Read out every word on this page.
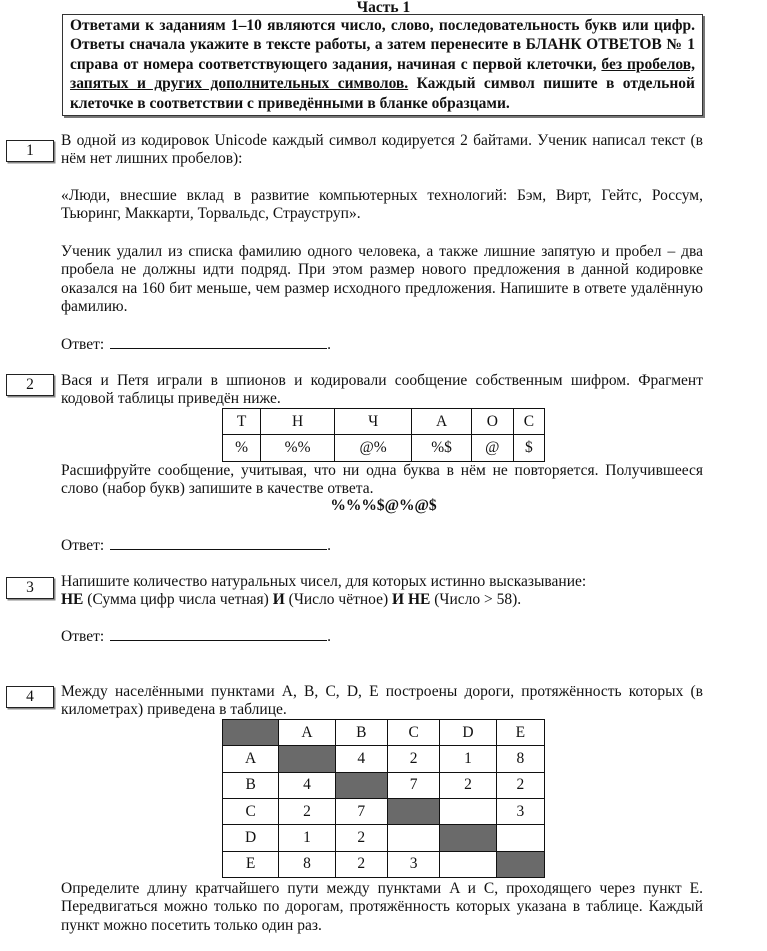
Часть 1
Ответами к заданиям 1–10 являются число, слово, последовательность букв или цифр. Ответы сначала укажите в тексте работы, а затем перенесите в БЛАНК ОТВЕТОВ № 1 справа от номера соответствующего задания, начиная с первой клеточки, без пробелов, запятых и других дополнительных символов. Каждый символ пишите в отдельной клеточке в соответствии с приведёнными в бланке образцами.
1
В одной из кодировок Unicode каждый символ кодируется 2 байтами. Ученик написал текст (в нём нет лишних пробелов):
«Люди, внесшие вклад в развитие компьютерных технологий: Бэм, Вирт, Гейтс, Россум, Тьюринг, Маккарти, Торвальдс, Страуструп».
Ученик удалил из списка фамилию одного человека, а также лишние запятую и пробел – два пробела не должны идти подряд. При этом размер нового предложения в данной кодировке оказался на 160 бит меньше, чем размер исходного предложения. Напишите в ответе удалённую фамилию.
Ответ:	.
2	Вася и Петя играли в шпионов и кодировали сообщение собственным шифром. Фрагмент кодовой таблицы приведён ниже.
Т	Н	Ч	А	О	С
%	%%	@%	%$	@	$
Расшифруйте сообщение, учитывая, что ни одна буква в нём не повторяется. Получившееся слово (набор букв) запишите в качестве ответа.
%%%$@%@$
Ответ:	.
3	Напишите количество натуральных чисел, для которых истинно высказывание:
НЕ (Сумма цифр числа четная) И (Число чётное) И НЕ (Число > 58).
Ответ:	.
4	Между населёнными пунктами A, B, C, D, E построены дороги, протяжённость которых (в километрах) приведена в таблице.
	A	B	C	D	E
A		4	2	1	8
B	4		7	2	2
C	2	7			3
D	1	2			
E	8	2	3		
Определите длину кратчайшего пути между пунктами A и C, проходящего через пункт E. Передвигаться можно только по дорогам, протяжённость которых указана в таблице. Каждый пункт можно посетить только один раз.
